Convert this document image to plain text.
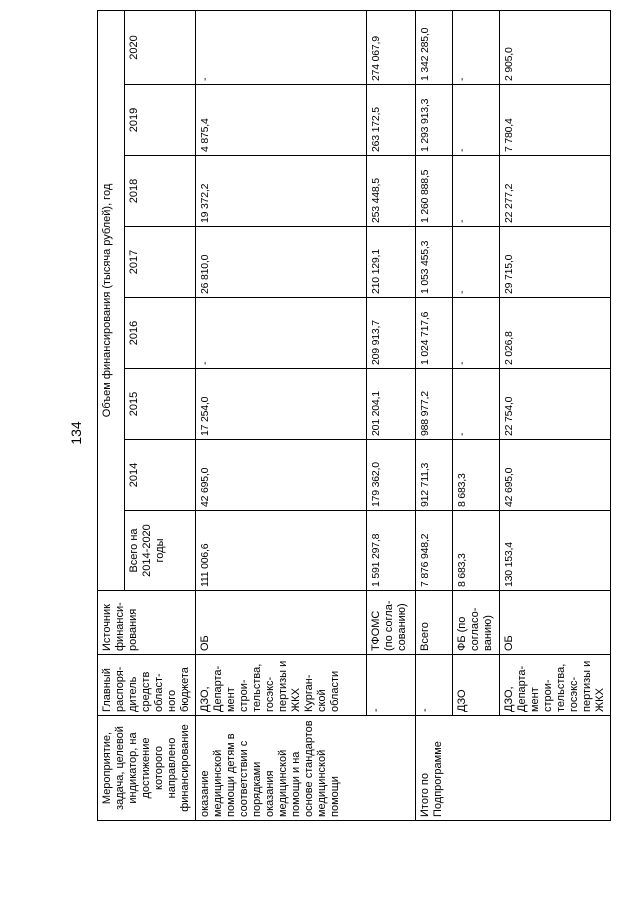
134
Мероприятие, задача, целевой индикатор, на достижение которого направлено финансирование	Главный распоря-дитель средств област-ного бюджета	Источник финанси-рования	Объем финансирования (тысяча рублей), год							
			Всего на 2014-2020 годы	2014	2015	2016	2017	2018	2019	2020
оказание медицинской помощи детям в соответствии с порядками оказания медицинской помощи и на основе стандартов медицинской помощи	ДЗО, Департа-мент строи-тельства, госэкс-пертизы и ЖКХ Курган-ской области	ОБ	111 006,6	42 695,0	17 254,0	-	26 810,0	19 372,2	4 875,4	-
	-	ТФОМС (по согла-сованию)	1 591 297,8	179 362,0	201 204,1	209 913,7	210 129,1	253 448,5	263 172,5	274 067,9
Итого по Подпрограмме	-	Всего	7 876 948,2	912 711,3	988 977,2	1 024 717,6	1 053 455,3	1 260 888,5	1 293 913,3	1 342 285,0
	ДЗО	ФБ (по согласо-ванию)	8 683,3	8 683,3	-	-	-	-	-	-
	ДЗО, Департа-мент строи-тельства, госэкс-пертизы и ЖКХ	ОБ	130 153,4	42 695,0	22 754,0	2 026,8	29 715,0	22 277,2	7 780,4	2 905,0
